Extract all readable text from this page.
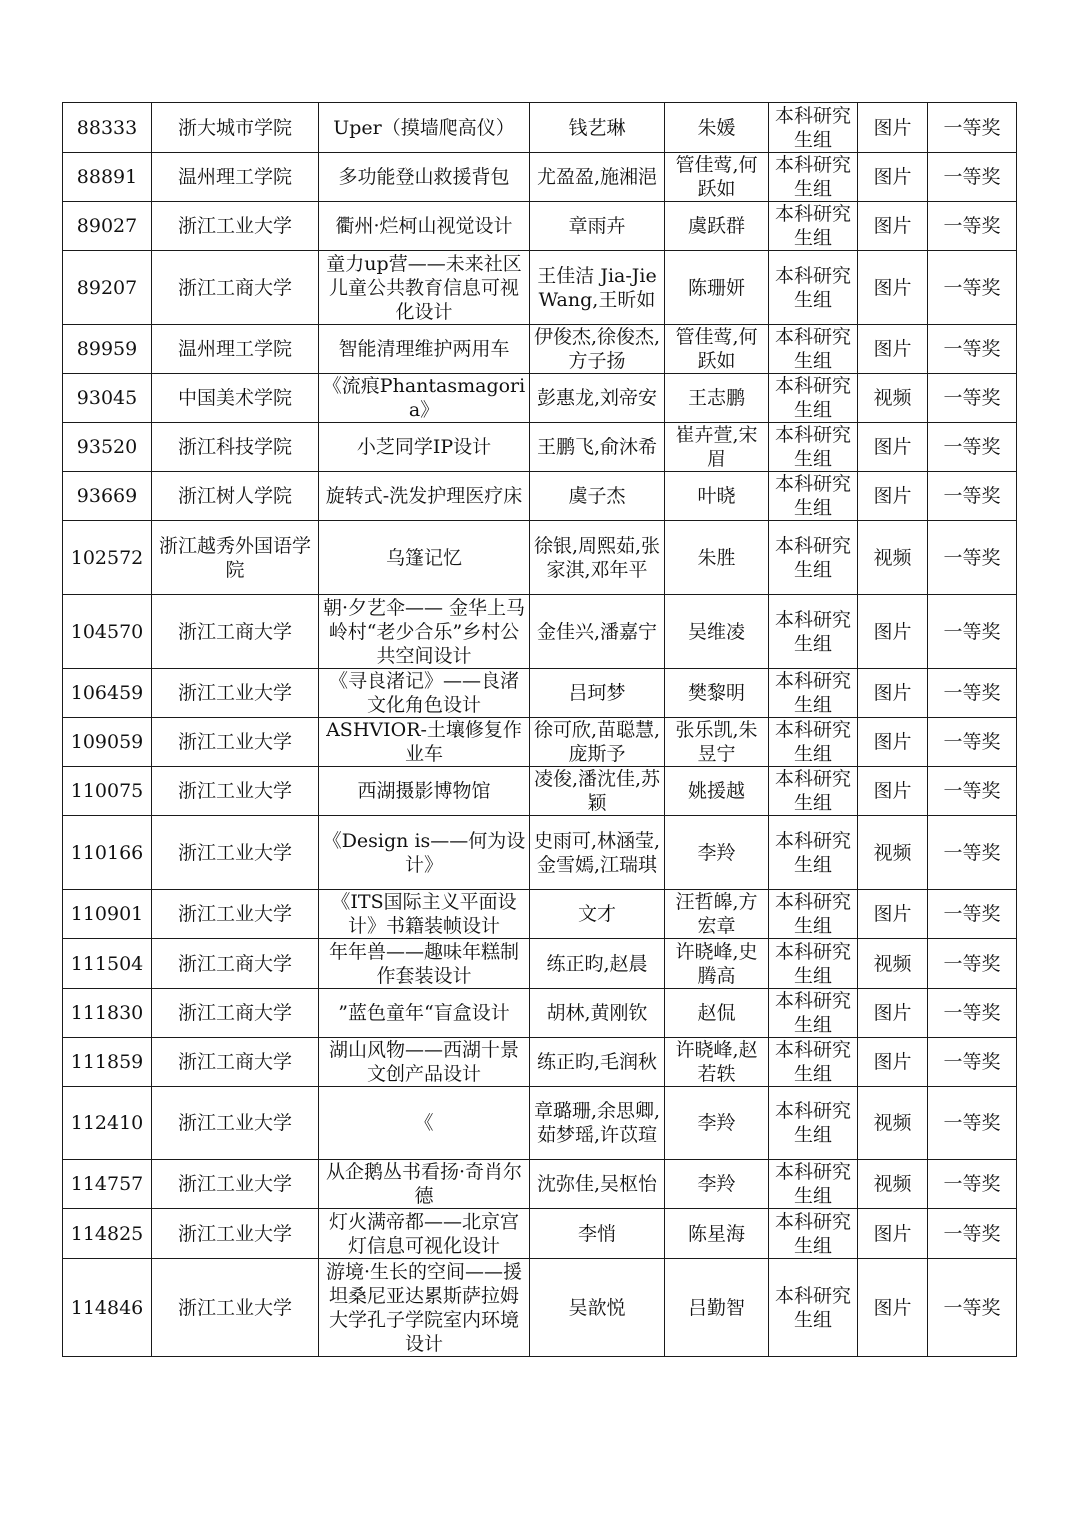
88333	浙大城市学院	Uper（摸墙爬高仪）	钱艺琳	朱媛	本科研究生组	图片	一等奖
88891	温州理工学院	多功能登山救援背包	尤盈盈,施湘浥	管佳莺,何跃如	本科研究生组	图片	一等奖
89027	浙江工业大学	衢州·烂柯山视觉设计	章雨卉	虞跃群	本科研究生组	图片	一等奖
89207	浙江工商大学	童力up营——未来社区儿童公共教育信息可视化设计	王佳洁 Jia-Jie Wang,王昕如	陈珊妍	本科研究生组	图片	一等奖
89959	温州理工学院	智能清理维护两用车	伊俊杰,徐俊杰,方子扬	管佳莺,何跃如	本科研究生组	图片	一等奖
93045	中国美术学院	《流痕Phantasmagoria》	彭惠龙,刘帝安	王志鹏	本科研究生组	视频	一等奖
93520	浙江科技学院	小芝同学IP设计	王鹏飞,俞沐希	崔卉萱,宋眉	本科研究生组	图片	一等奖
93669	浙江树人学院	旋转式-洗发护理医疗床	虞子杰	叶晓	本科研究生组	图片	一等奖
102572	浙江越秀外国语学院	乌篷记忆	徐银,周熙茹,张家淇,邓年平	朱胜	本科研究生组	视频	一等奖
104570	浙江工商大学	朝·夕艺伞—— 金华上马岭村“老少合乐”乡村公共空间设计	金佳兴,潘嘉宁	吴维凌	本科研究生组	图片	一等奖
106459	浙江工业大学	《寻良渚记》——良渚文化角色设计	吕珂梦	樊黎明	本科研究生组	图片	一等奖
109059	浙江工业大学	ASHVIOR-土壤修复作业车	徐可欣,苗聪慧,庞斯予	张乐凯,朱昱宁	本科研究生组	图片	一等奖
110075	浙江工业大学	西湖摄影博物馆	凌俊,潘沈佳,苏颖	姚援越	本科研究生组	图片	一等奖
110166	浙江工业大学	《Design is——何为设计》	史雨可,林涵莹,金雪嫣,江瑞琪	李羚	本科研究生组	视频	一等奖
110901	浙江工业大学	《ITS国际主义平面设计》书籍装帧设计	文才	汪哲皞,方宏章	本科研究生组	图片	一等奖
111504	浙江工商大学	年年兽——趣味年糕制作套装设计	练正昀,赵晨	许晓峰,史腾高	本科研究生组	视频	一等奖
111830	浙江工商大学	”蓝色童年“盲盒设计	胡林,黄刚钦	赵侃	本科研究生组	图片	一等奖
111859	浙江工商大学	湖山风物——西湖十景文创产品设计	练正昀,毛润秋	许晓峰,赵若轶	本科研究生组	图片	一等奖
112410	浙江工业大学	《	章璐珊,余思卿,茹梦瑶,许苡瑄	李羚	本科研究生组	视频	一等奖
114757	浙江工业大学	从企鹅丛书看扬·奇肖尔德	沈弥佳,吴枢怡	李羚	本科研究生组	视频	一等奖
114825	浙江工业大学	灯火满帝都——北京宫灯信息可视化设计	李悄	陈星海	本科研究生组	图片	一等奖
114846	浙江工业大学	游境·生长的空间——援坦桑尼亚达累斯萨拉姆大学孔子学院室内环境设计	吴歆悦	吕勤智	本科研究生组	图片	一等奖
